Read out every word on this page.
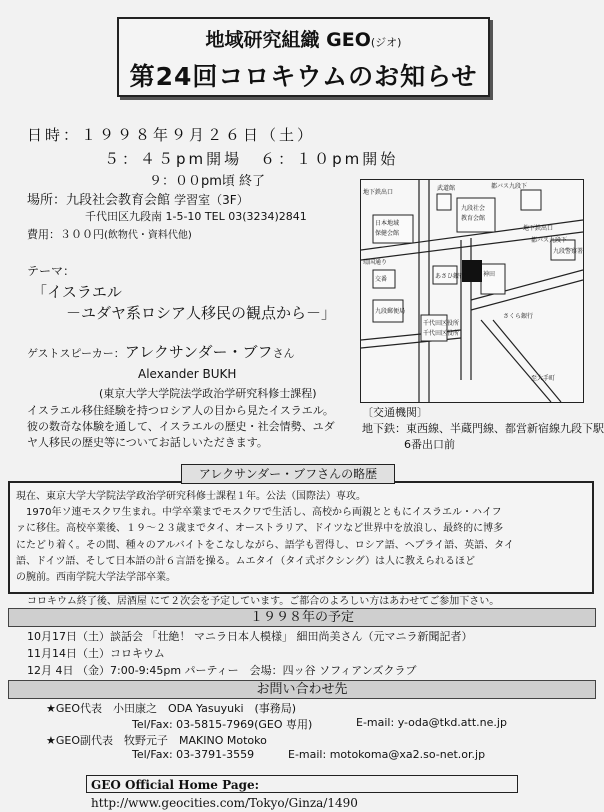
地域研究組織 GEO(ジオ)
第24回コロキウムのお知らせ
日時：１９９８年９月２６日（土）
５：４５pm開場　６：１０pm開始
９：００pm頃 終了
場所：九段社会教育会館 学習室（3F）
千代田区九段南 1-5-10 TEL 03(3234)2841
費用：３００円(飲物代・資料代他)
テーマ：
「イスラエル
－ユダヤ系ロシア人移民の観点から－」
ゲストスピーカー：アレクサンダー・ブフさん
Alexander BUKH
(東京大学大学院法学政治学研究科修士課程)
イスラエル移住経験を持つロシア人の目から見たイスラエル。
彼の数奇な体験を通して、イスラエルの歴史・社会情勢、ユダ
ヤ人移民の歴史等についてお話しいただきます。
地下鉄出口
武道館	都バス九段下
日本地域
保健会館
九段社会
教育会館
地下鉄出口
都バス九段下
靖国通り
交番
九段郵便局
あさひ銀行	神田
九段警察署
さくら銀行
千代田区役所
千代田区役所
至大手町
〔交通機関〕
地下鉄：東西線、半蔵門線、都営新宿線九段下駅
6番出口前
現在、東京大学大学院法学政治学研究科修士課程１年。公法（国際法）専攻。
　1970年ソ連モスクワ生まれ。中学卒業までモスクワで生活し、高校から両親とともにイスラエル・ハイフ
ァに移住。高校卒業後、１９～２３歳までタイ、オーストラリア、ドイツなど世界中を放浪し、最終的に博多
にたどり着く。その間、種々のアルバイトをこなしながら、語学も習得し、ロシア語、ヘブライ語、英語、タイ
語、ドイツ語、そして日本語の計６言語を操る。ムエタイ（タイ式ボクシング）は人に教えられるほど
の腕前。西南学院大学法学部卒業。
アレクサンダー・ブフさんの略歴
コロキウム終了後、居酒屋 にて２次会を予定しています。ご都合のよろしい方はあわせてご参加下さい。
１９９８年の予定
10月17日（土）談話会 「壮絶！ マニラ日本人模様」 細田尚美さん（元マニラ新聞記者）
11月14日（土）コロキウム
12月 4日 （金）7:00-9:45pm パーティー　会場：四ッ谷 ソフィアンズクラブ
お問い合わせ先
★GEO代表　 小田康之　ODA Yasuyuki　(事務局)
Tel/Fax: 03-5815-7969(GEO 専用)	E-mail: y-oda@tkd.att.ne.jp
★GEO副代表　 牧野元子　MAKINO Motoko
Tel/Fax: 03-3791-3559	E-mail: motokoma@xa2.so-net.or.jp
GEO Official Home Page: http://www.geocities.com/Tokyo/Ginza/1490
